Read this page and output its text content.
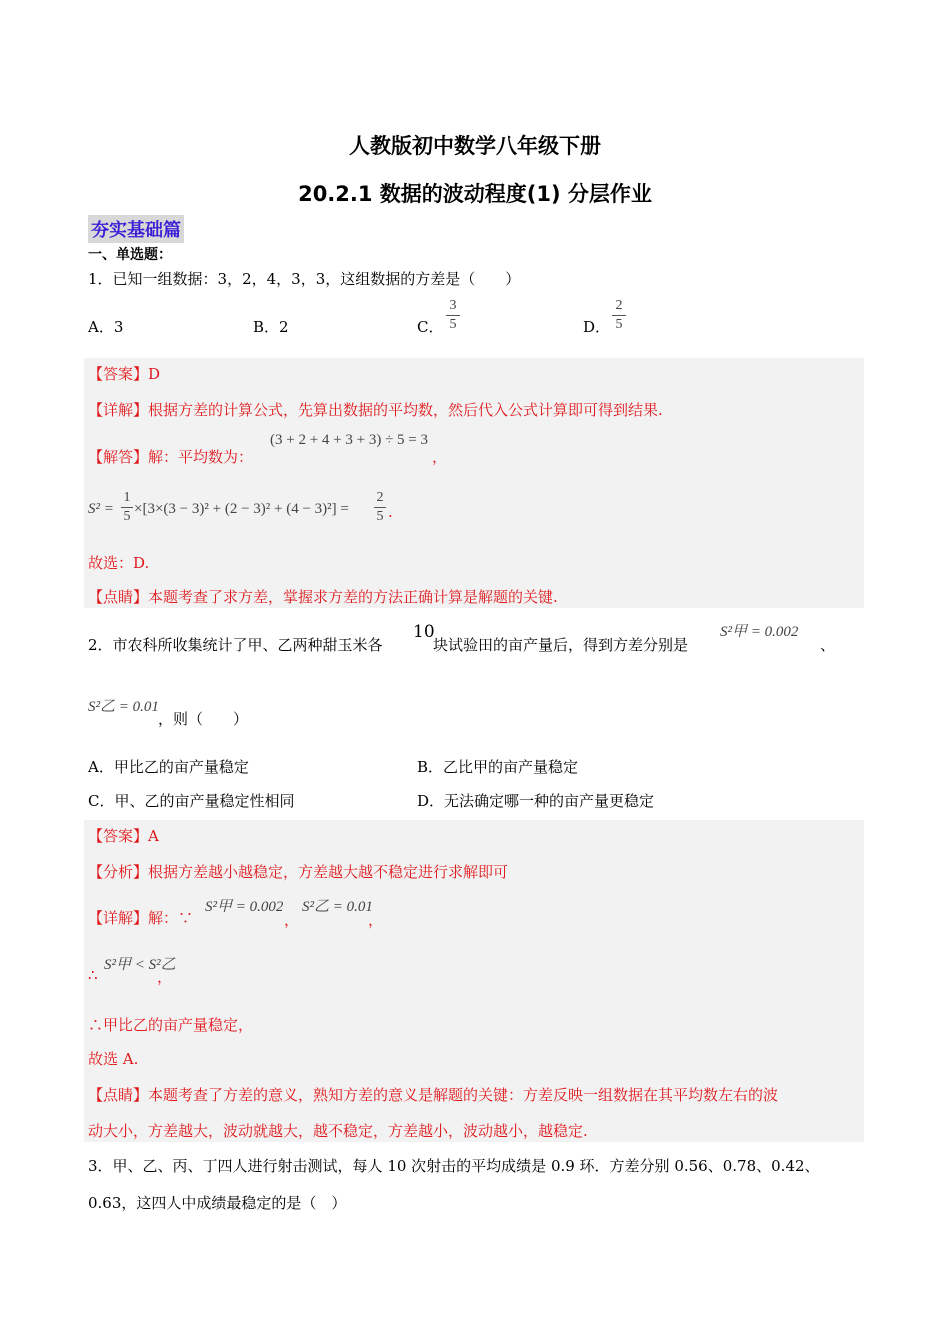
人教版初中数学八年级下册
20.2.1 数据的波动程度(1) 分层作业
夯实基础篇
一、单选题：
1．已知一组数据：3，2，4，3，3，这组数据的方差是（　　）
A．3	B．2	C．
3
5	D．
2
5
【答案】D
【详解】根据方差的计算公式，先算出数据的平均数，然后代入公式计算即可得到结果.
【解答】解：平均数为：
(3 + 2 + 4 + 3 + 3) ÷ 5 = 3
，
S² =
1
5 ×[3×(3 − 3)² + (2 − 3)² + (4 − 3)²] =
2
5 .
故选：D.
【点睛】本题考查了求方差，掌握求方差的方法正确计算是解题的关键.
2．市农科所收集统计了甲、乙两种甜玉米各
10
块试验田的亩产量后，得到方差分别是
S²甲 = 0.002
、
S²乙 = 0.01
，则（　　）
A．甲比乙的亩产量稳定	B．乙比甲的亩产量稳定
C．甲、乙的亩产量稳定性相同	D．无法确定哪一种的亩产量更稳定
【答案】A
【分析】根据方差越小越稳定，方差越大越不稳定进行求解即可
【详解】解：∵
S²甲 = 0.002
，
S²乙 = 0.01
，
∴
S²甲 < S²乙
，
∴甲比乙的亩产量稳定，
故选 A.
【点睛】本题考查了方差的意义，熟知方差的意义是解题的关键：方差反映一组数据在其平均数左右的波
动大小，方差越大，波动就越大，越不稳定，方差越小，波动越小，越稳定.
3．甲、乙、丙、丁四人进行射击测试，每人 10 次射击的平均成绩是 0.9 环．方差分别 0.56、0.78、0.42、
0.63，这四人中成绩最稳定的是（　）
